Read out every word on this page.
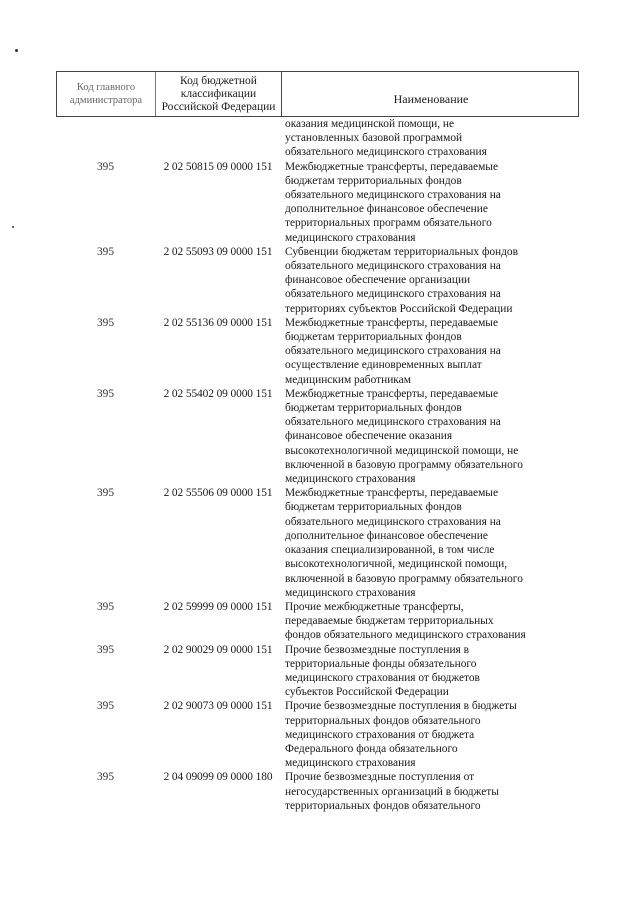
Код главного администратора
Код бюджетной классификации Российской Федерации
Наименование
оказания медицинской помощи, не
установленных базовой программой
обязательного медицинского страхования
395	2 02 50815 09 0000 151	Межбюджетные трансферты, передаваемые
бюджетам территориальных фондов
обязательного медицинского страхования на
дополнительное финансовое обеспечение
территориальных программ обязательного
медицинского страхования
395	2 02 55093 09 0000 151	Субвенции бюджетам территориальных фондов
обязательного медицинского страхования на
финансовое обеспечение организации
обязательного медицинского страхования на
территориях субъектов Российской Федерации
395	2 02 55136 09 0000 151	Межбюджетные трансферты, передаваемые
бюджетам территориальных фондов
обязательного медицинского страхования на
осуществление единовременных выплат
медицинским работникам
395	2 02 55402 09 0000 151	Межбюджетные трансферты, передаваемые
бюджетам территориальных фондов
обязательного медицинского страхования на
финансовое обеспечение оказания
высокотехнологичной медицинской помощи, не
включенной в базовую программу обязательного
медицинского страхования
395	2 02 55506 09 0000 151	Межбюджетные трансферты, передаваемые
бюджетам территориальных фондов
обязательного медицинского страхования на
дополнительное финансовое обеспечение
оказания специализированной, в том числе
высокотехнологичной, медицинской помощи,
включенной в базовую программу обязательного
медицинского страхования
395	2 02 59999 09 0000 151	Прочие межбюджетные трансферты,
передаваемые бюджетам территориальных
фондов обязательного медицинского страхования
395	2 02 90029 09 0000 151	Прочие безвозмездные поступления в
территориальные фонды обязательного
медицинского страхования от бюджетов
субъектов Российской Федерации
395	2 02 90073 09 0000 151	Прочие безвозмездные поступления в бюджеты
территориальных фондов обязательного
медицинского страхования от бюджета
Федерального фонда обязательного
медицинского страхования
395	2 04 09099 09 0000 180	Прочие безвозмездные поступления от
негосударственных организаций в бюджеты
территориальных фондов обязательного
